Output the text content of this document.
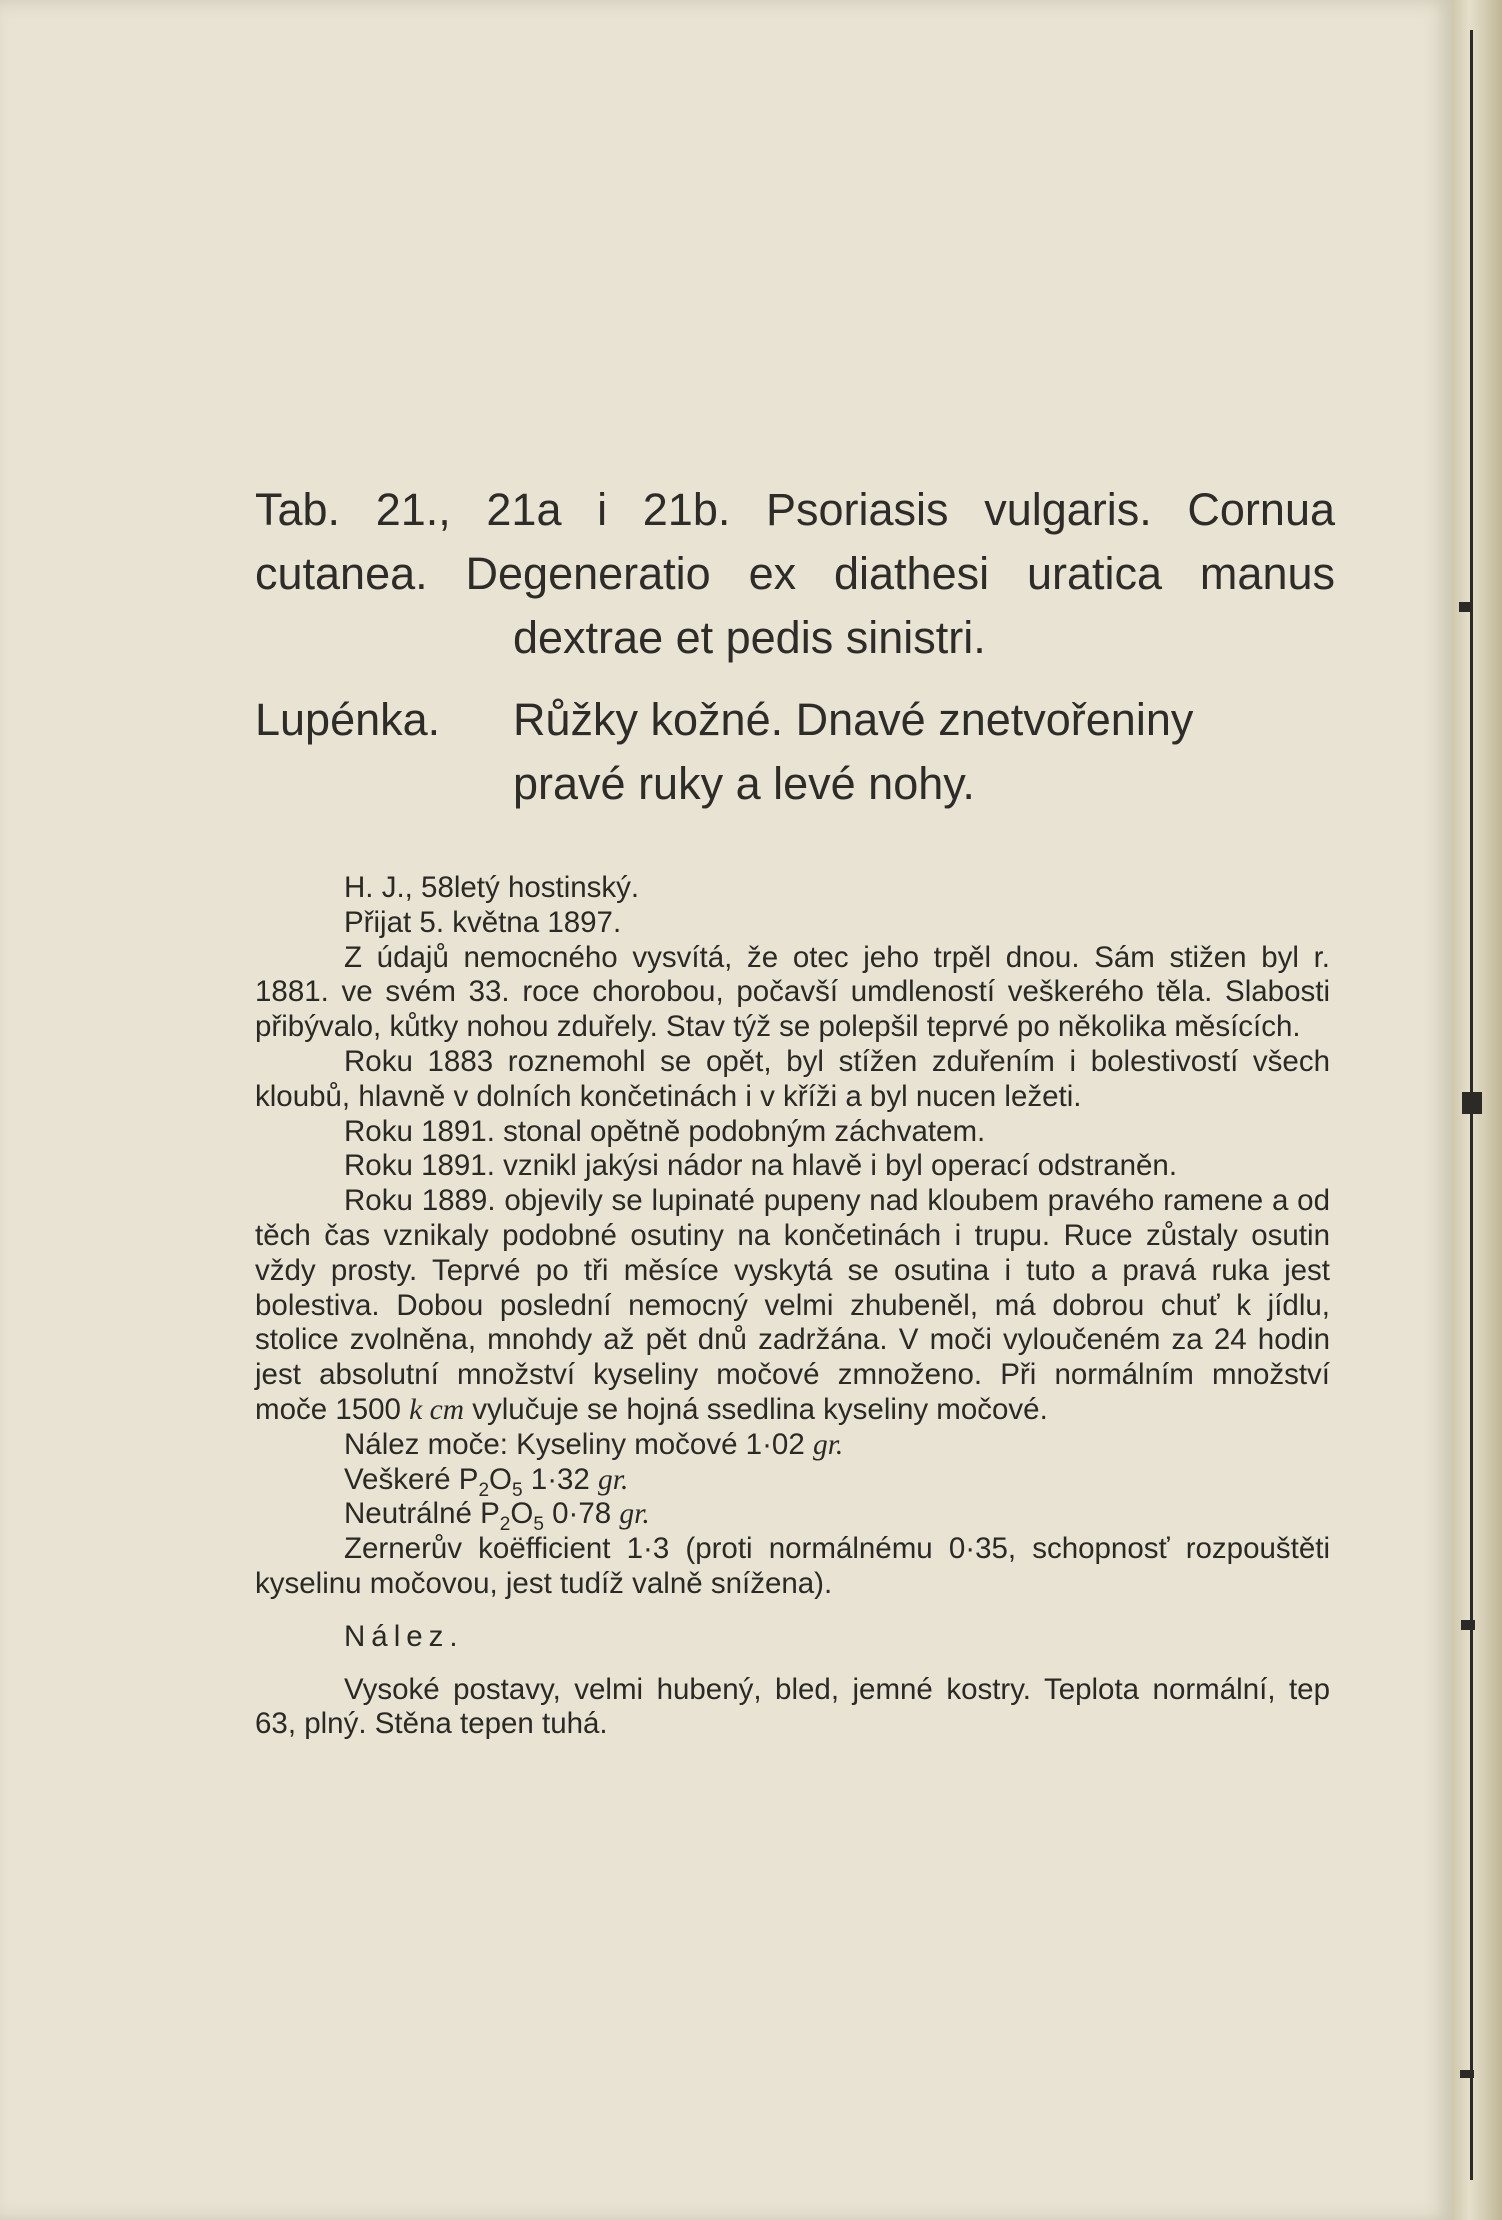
Tab. 21., 21a i 21b. Psoriasis vulgaris. Cornua
cutanea. Degeneratio ex diathesi uratica manus
dextrae et pedis sinistri.
Lupénka. Růžky kožné. Dnavé znetvořeniny
pravé ruky a levé nohy.

H. J., 58letý hostinský.

Přijat 5. května 1897.

Z údajů nemocného vysvítá, že otec jeho trpěl dnou. Sám stižen byl r. 1881. ve svém 33. roce chorobou, počavší umdleností veškerého těla. Slabosti přibývalo, kůtky nohou zduřely. Stav týž se polepšil teprvé po několika měsících.

Roku 1883 roznemohl se opět, byl stížen zduřením i bolestivostí všech kloubů, hlavně v dolních končetinách i v kříži a byl nucen ležeti.

Roku 1891. stonal opětně podobným záchvatem.

Roku 1891. vznikl jakýsi nádor na hlavě i byl operací odstraněn.

Roku 1889. objevily se lupinaté pupeny nad kloubem pravého ramene a od těch čas vznikaly podobné osutiny na končetinách i trupu. Ruce zůstaly osutin vždy prosty. Teprvé po tři měsíce vyskytá se osutina i tuto a pravá ruka jest bolestiva. Dobou poslední nemocný velmi zhubeněl, má dobrou chuť k jídlu, stolice zvolněna, mnohdy až pět dnů zadržána. V moči vyloučeném za 24 hodin jest absolutní množství kyseliny močové zmnoženo. Při normálním množství moče 1500 k cm vylučuje se hojná ssedlina kyseliny močové.

Nález moče: Kyseliny močové 1·02 gr.

Veškeré $P_2O_5$ 1·32 gr.

Neutrálné $P_2O_5$ 0·78 gr.

Zernerův koëfficient 1·3 (proti normálnému 0·35, schopnosť rozpouštěti kyselinu močovou, jest tudíž valně snížena).

Nález.

Vysoké postavy, velmi hubený, bled, jemné kostry. Teplota normální, tep 63, plný. Stěna tepen tuhá.
